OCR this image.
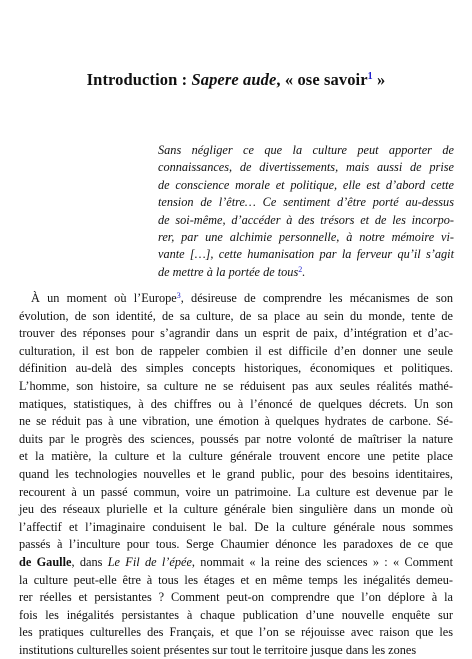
Introduction : Sapere aude, « ose savoir$^1$ »
Sans négliger ce que la culture peut apporter de
connaissances, de divertissements, mais aussi de prise
de conscience morale et politique, elle est d’abord cette
tension de l’être… Ce sentiment d’être porté au-dessus
de soi-même, d’accéder à des trésors et de les incorpo-
rer, par une alchimie personnelle, à notre mémoire vi-
vante […], cette humanisation par la ferveur qu’il s’agit
de mettre à la portée de tous$^2$.
À un moment où l’Europe$^3$, désireuse de comprendre les mécanismes de son
évolution, de son identité, de sa culture, de sa place au sein du monde, tente de
trouver des réponses pour s’agrandir dans un esprit de paix, d’intégration et d’ac-
culturation, il est bon de rappeler combien il est difficile d’en donner une seule
définition au-delà des simples concepts historiques, économiques et politiques.
L’homme, son histoire, sa culture ne se réduisent pas aux seules réalités mathé-
matiques, statistiques, à des chiffres ou à l’énoncé de quelques décrets. Un son
ne se réduit pas à une vibration, une émotion à quelques hydrates de carbone. Sé-
duits par le progrès des sciences, poussés par notre volonté de maîtriser la nature
et la matière, la culture et la culture générale trouvent encore une petite place
quand les technologies nouvelles et le grand public, pour des besoins identitaires,
recourent à un passé commun, voire un patrimoine. La culture est devenue par le
jeu des réseaux plurielle et la culture générale bien singulière dans un monde où
l’affectif et l’imaginaire conduisent le bal. De la culture générale nous sommes
passés à l’inculture pour tous. Serge Chaumier dénonce les paradoxes de ce que
de Gaulle, dans Le Fil de l’épée, nommait « la reine des sciences » : « Comment
la culture peut-elle être à tous les étages et en même temps les inégalités demeu-
rer réelles et persistantes ? Comment peut-on comprendre que l’on déplore à la
fois les inégalités persistantes à chaque publication d’une nouvelle enquête sur
les pratiques culturelles des Français, et que l’on se réjouisse avec raison que les
institutions culturelles soient présentes sur tout le territoire jusque dans les zones
